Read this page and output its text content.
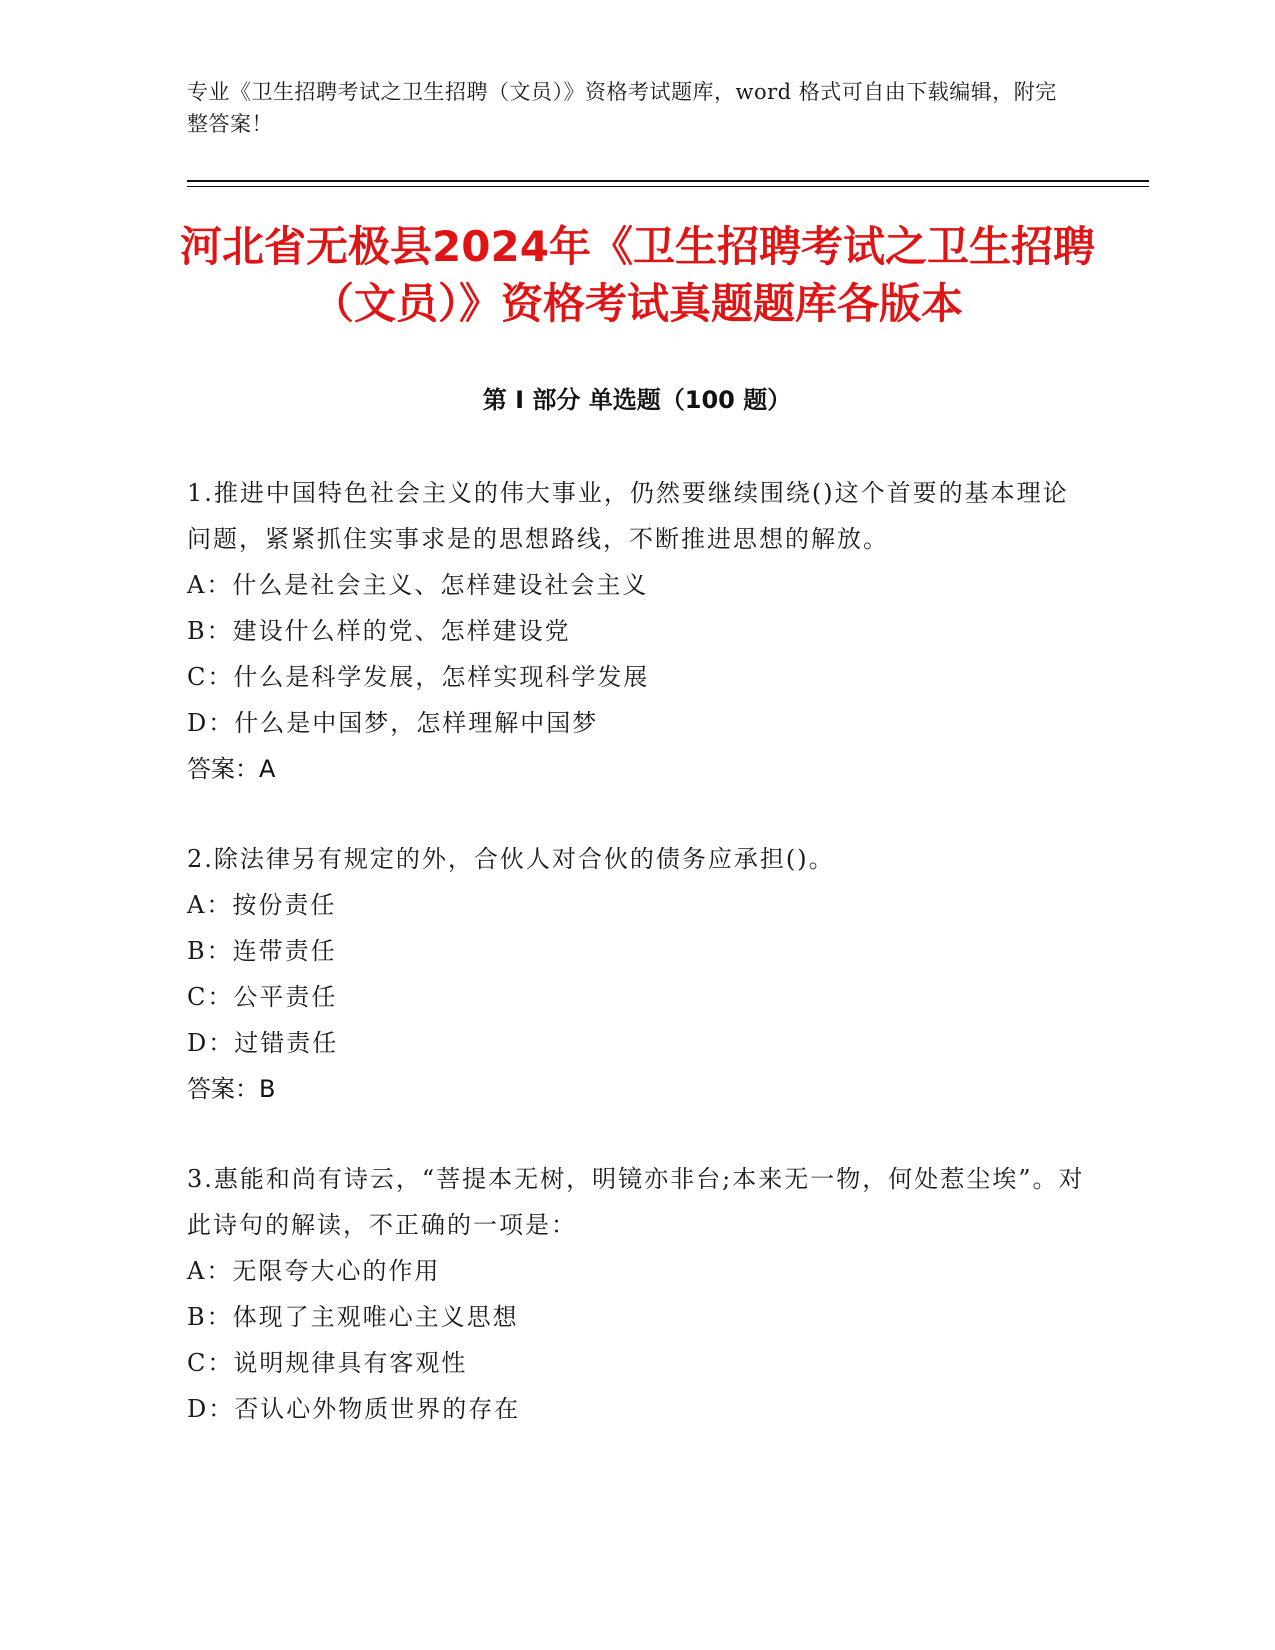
专业《卫生招聘考试之卫生招聘（文员）》资格考试题库，word 格式可自由下载编辑，附完整答案！
河北省无极县2024年《卫生招聘考试之卫生招聘（文员）》资格考试真题题库各版本
第 I 部分 单选题（100 题）
1.推进中国特色社会主义的伟大事业，仍然要继续围绕()这个首要的基本理论问题，紧紧抓住实事求是的思想路线，不断推进思想的解放。
A：什么是社会主义、怎样建设社会主义
B：建设什么样的党、怎样建设党
C：什么是科学发展，怎样实现科学发展
D：什么是中国梦，怎样理解中国梦
答案：A
2.除法律另有规定的外，合伙人对合伙的债务应承担()。
A：按份责任
B：连带责任
C：公平责任
D：过错责任
答案：B
3.惠能和尚有诗云，“菩提本无树，明镜亦非台;本来无一物，何处惹尘埃”。对此诗句的解读，不正确的一项是：
A：无限夸大心的作用
B：体现了主观唯心主义思想
C：说明规律具有客观性
D：否认心外物质世界的存在
